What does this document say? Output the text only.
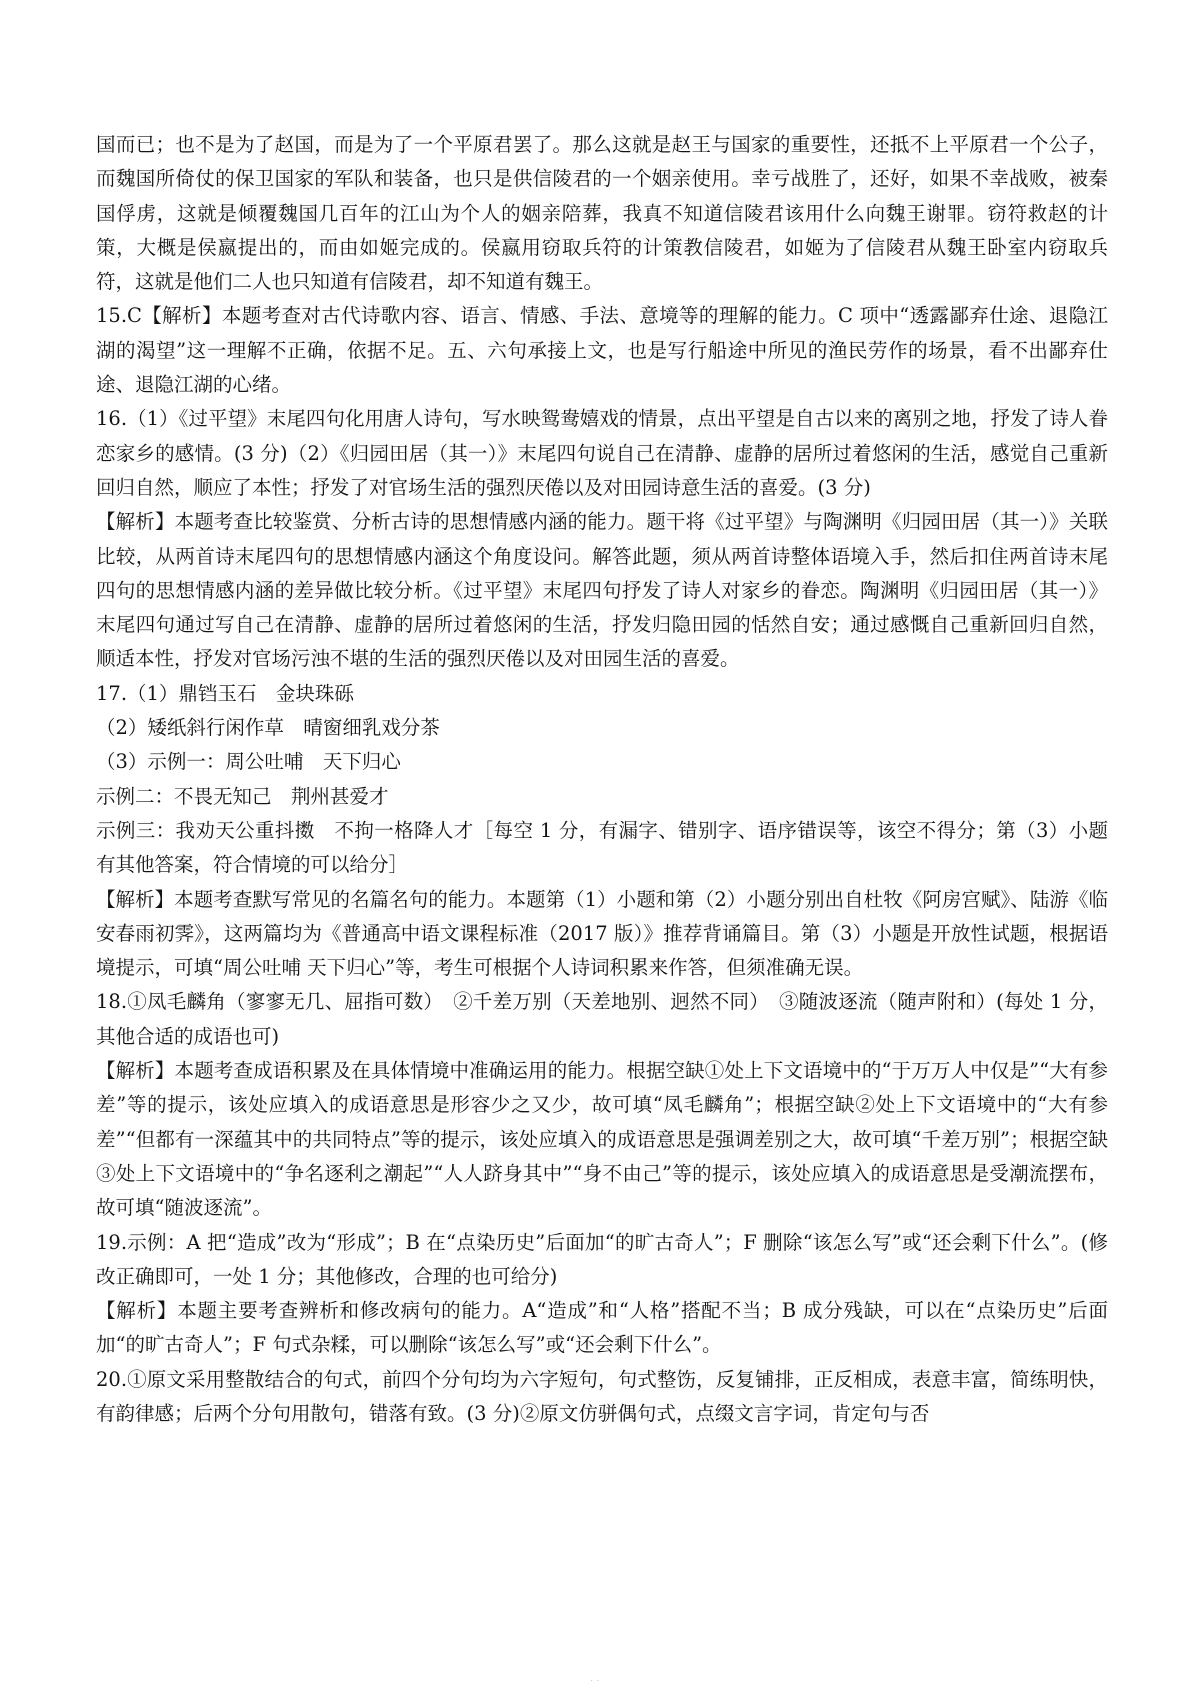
国而已；也不是为了赵国，而是为了一个平原君罢了。那么这就是赵王与国家的重要性，还抵不上平原君一个公子，而魏国所倚仗的保卫国家的军队和装备，也只是供信陵君的一个姻亲使用。幸亏战胜了，还好，如果不幸战败，被秦国俘虏，这就是倾覆魏国几百年的江山为个人的姻亲陪葬，我真不知道信陵君该用什么向魏王谢罪。窃符救赵的计策，大概是侯嬴提出的，而由如姬完成的。侯嬴用窃取兵符的计策教信陵君，如姬为了信陵君从魏王卧室内窃取兵符，这就是他们二人也只知道有信陵君，却不知道有魏王。

15.C【解析】本题考查对古代诗歌内容、语言、情感、手法、意境等的理解的能力。C 项中“透露鄙弃仕途、退隐江湖的渴望”这一理解不正确，依据不足。五、六句承接上文，也是写行船途中所见的渔民劳作的场景，看不出鄙弃仕途、退隐江湖的心绪。

16.（1）《过平望》末尾四句化用唐人诗句，写水映鸳鸯嬉戏的情景，点出平望是自古以来的离别之地，抒发了诗人眷恋家乡的感情。(3 分)（2）《归园田居（其一）》末尾四句说自己在清静、虚静的居所过着悠闲的生活，感觉自己重新回归自然，顺应了本性；抒发了对官场生活的强烈厌倦以及对田园诗意生活的喜爱。(3 分)

【解析】本题考查比较鉴赏、分析古诗的思想情感内涵的能力。题干将《过平望》与陶渊明《归园田居（其一）》关联比较，从两首诗末尾四句的思想情感内涵这个角度设问。解答此题，须从两首诗整体语境入手，然后扣住两首诗末尾四句的思想情感内涵的差异做比较分析。《过平望》末尾四句抒发了诗人对家乡的眷恋。陶渊明《归园田居（其一）》末尾四句通过写自己在清静、虚静的居所过着悠闲的生活，抒发归隐田园的恬然自安；通过感慨自己重新回归自然，顺适本性，抒发对官场污浊不堪的生活的强烈厌倦以及对田园生活的喜爱。

17.（1）鼎铛玉石　金块珠砾

（2）矮纸斜行闲作草　晴窗细乳戏分茶

（3）示例一：周公吐哺　天下归心

示例二：不畏无知己　荆州甚爱才

示例三：我劝天公重抖擞　不拘一格降人才［每空 1 分，有漏字、错别字、语序错误等，该空不得分；第（3）小题有其他答案，符合情境的可以给分］

【解析】本题考查默写常见的名篇名句的能力。本题第（1）小题和第（2）小题分别出自杜牧《阿房宫赋》、陆游《临安春雨初霁》，这两篇均为《普通高中语文课程标准（2017 版）》推荐背诵篇目。第（3）小题是开放性试题，根据语境提示，可填“周公吐哺 天下归心”等，考生可根据个人诗词积累来作答，但须准确无误。

18.①凤毛麟角（寥寥无几、屈指可数）　②千差万别（天差地别、迥然不同）　③随波逐流（随声附和）(每处 1 分，其他合适的成语也可)

【解析】本题考查成语积累及在具体情境中准确运用的能力。根据空缺①处上下文语境中的“于万万人中仅是”“大有参差”等的提示，该处应填入的成语意思是形容少之又少，故可填“凤毛麟角”；根据空缺②处上下文语境中的“大有参差”“但都有一深蕴其中的共同特点”等的提示，该处应填入的成语意思是强调差别之大，故可填“千差万别”；根据空缺③处上下文语境中的“争名逐利之潮起”“人人跻身其中”“身不由己”等的提示，该处应填入的成语意思是受潮流摆布，故可填“随波逐流”。

19.示例：A 把“造成”改为“形成”；B 在“点染历史”后面加“的旷古奇人”；F 删除“该怎么写”或“还会剩下什么”。(修改正确即可，一处 1 分；其他修改，合理的也可给分)

【解析】本题主要考查辨析和修改病句的能力。A“造成”和“人格”搭配不当；B 成分残缺，可以在“点染历史”后面加“的旷古奇人”；F 句式杂糅，可以删除“该怎么写”或“还会剩下什么”。

20.①原文采用整散结合的句式，前四个分句均为六字短句，句式整饬，反复铺排，正反相成，表意丰富，简练明快，有韵律感；后两个分句用散句，错落有致。(3 分)②原文仿骈偶句式，点缀文言字词，肯定句与否

· ·
